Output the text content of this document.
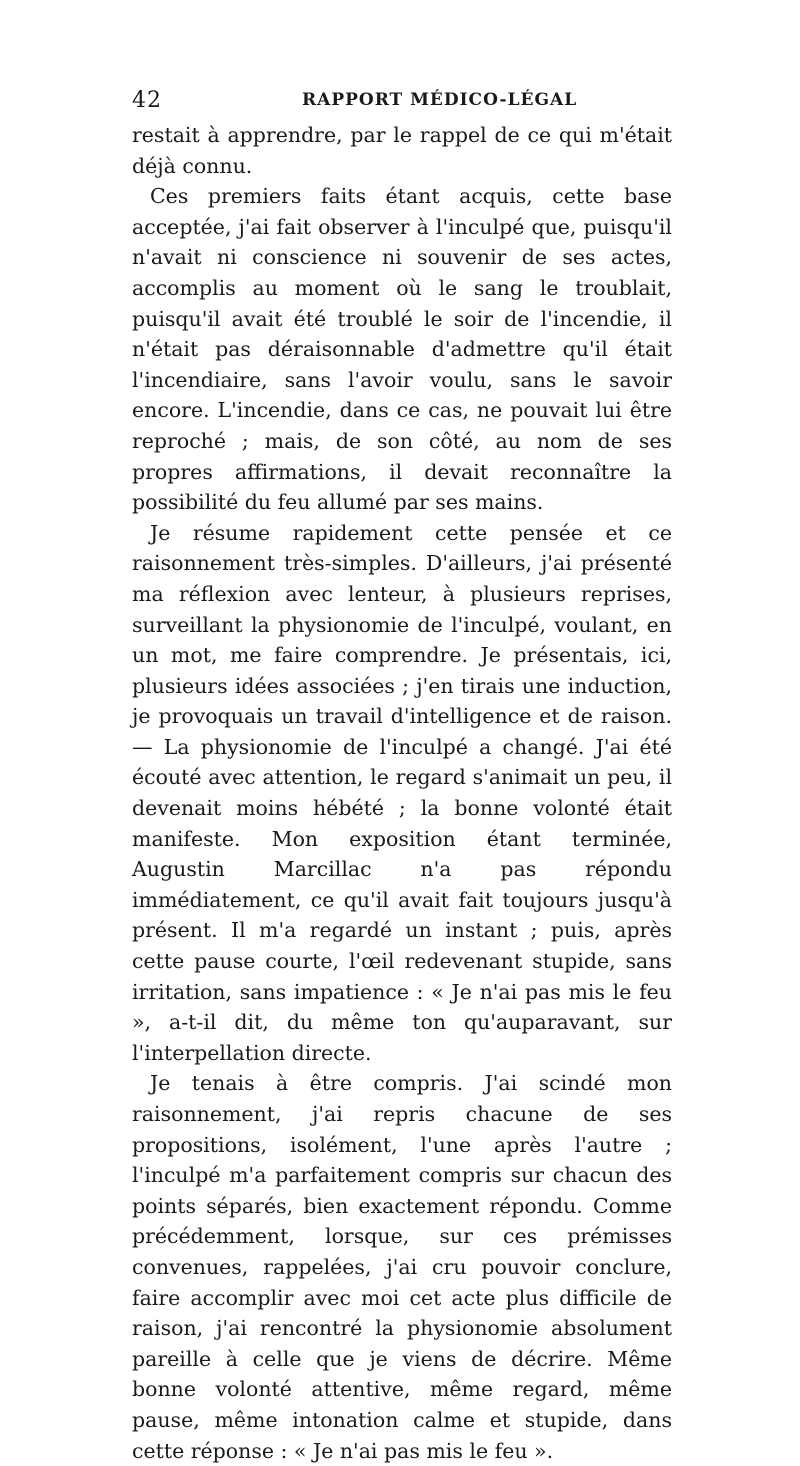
42	RAPPORT MÉDICO-LÉGAL

restait à apprendre, par le rappel de ce qui m'était déjà connu.

Ces premiers faits étant acquis, cette base acceptée, j'ai fait observer à l'inculpé que, puisqu'il n'avait ni conscience ni souvenir de ses actes, accomplis au moment où le sang le troublait, puisqu'il avait été troublé le soir de l'incendie, il n'était pas déraisonnable d'admettre qu'il était l'incendiaire, sans l'avoir voulu, sans le savoir encore. L'incendie, dans ce cas, ne pouvait lui être reproché ; mais, de son côté, au nom de ses propres affirmations, il devait reconnaître la possibilité du feu allumé par ses mains.

Je résume rapidement cette pensée et ce raisonnement très-simples. D'ailleurs, j'ai présenté ma réflexion avec lenteur, à plusieurs reprises, surveillant la physionomie de l'inculpé, voulant, en un mot, me faire comprendre. Je présentais, ici, plusieurs idées associées ; j'en tirais une induction, je provoquais un travail d'intelligence et de raison. — La physionomie de l'inculpé a changé. J'ai été écouté avec attention, le regard s'animait un peu, il devenait moins hébété ; la bonne volonté était manifeste. Mon exposition étant terminée, Augustin Marcillac n'a pas répondu immédiatement, ce qu'il avait fait toujours jusqu'à présent. Il m'a regardé un instant ; puis, après cette pause courte, l'œil redevenant stupide, sans irritation, sans impatience : « Je n'ai pas mis le feu », a-t-il dit, du même ton qu'auparavant, sur l'interpellation directe.

Je tenais à être compris. J'ai scindé mon raisonnement, j'ai repris chacune de ses propositions, isolément, l'une après l'autre ; l'inculpé m'a parfaitement compris sur chacun des points séparés, bien exactement répondu. Comme précédemment, lorsque, sur ces prémisses convenues, rappelées, j'ai cru pouvoir conclure, faire accomplir avec moi cet acte plus difficile de raison, j'ai rencontré la physionomie absolument pareille à celle que je viens de décrire. Même bonne volonté attentive, même regard, même pause, même intonation calme et stupide, dans cette réponse : « Je n'ai pas mis le feu ».
